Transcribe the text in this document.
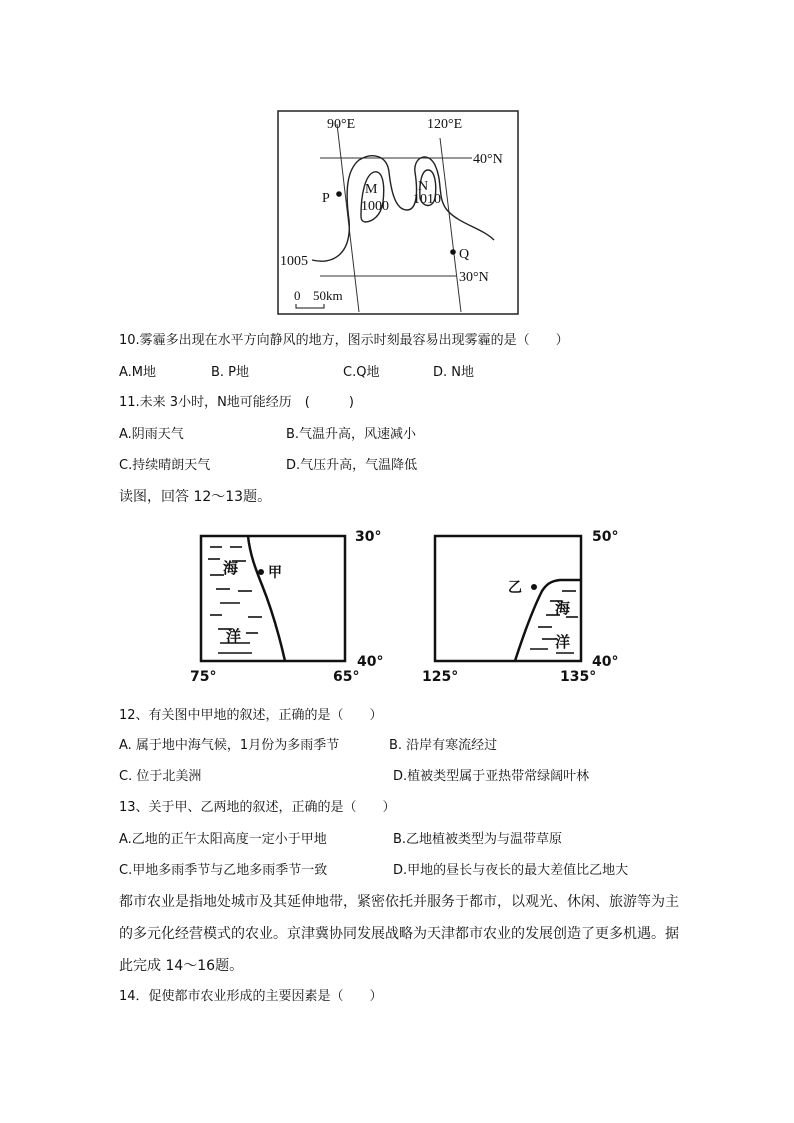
90°E	120°E
40°N
30°N
P
M
1000
N
1010
Q
1005
0 50km
10.雾霾多出现在水平方向静风的地方，图示时刻最容易出现雾霾的是（　　）
A.M地	B. P地	C.Q地	D. N地
11.未来 3小时，N地可能经历　(　　　)
A.阴雨天气	B.气温升高，风速减小
C.持续晴朗天气	D.气压升高，气温降低
读图，回答 12～13题。
海
洋
甲
30°
40°
75°	65°
海
洋
乙
50°
40°
125°	135°
12、有关图中甲地的叙述，正确的是（　　）
A. 属于地中海气候，1月份为多雨季节	B. 沿岸有寒流经过
C. 位于北美洲	D.植被类型属于亚热带常绿阔叶林
13、关于甲、乙两地的叙述，正确的是（　　）
A.乙地的正午太阳高度一定小于甲地	B.乙地植被类型为与温带草原
C.甲地多雨季节与乙地多雨季节一致	D.甲地的昼长与夜长的最大差值比乙地大
都市农业是指地处城市及其延伸地带，紧密依托并服务于都市，以观光、休闲、旅游等为主
的多元化经营模式的农业。京津冀协同发展战略为天津都市农业的发展创造了更多机遇。据
此完成 14～16题。
14．促使都市农业形成的主要因素是（　　）
